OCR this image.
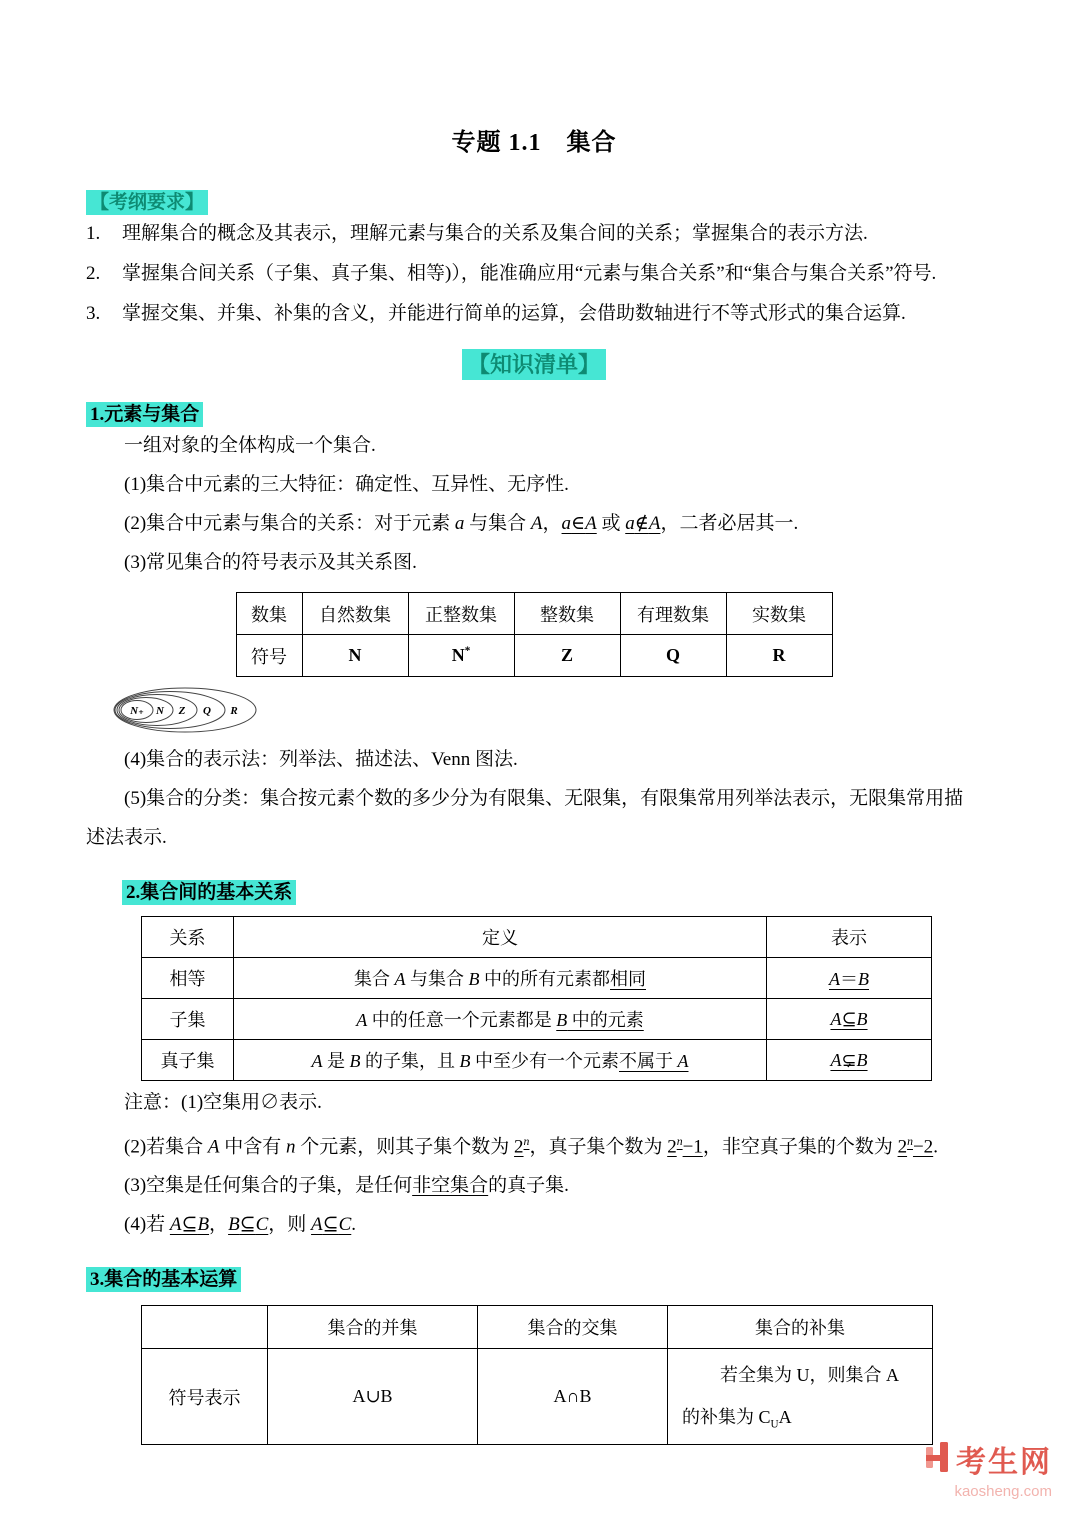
专题 1.1　集合
【考纲要求】
1.	理解集合的概念及其表示，理解元素与集合的关系及集合间的关系；掌握集合的表示方法.
2.	掌握集合间关系（子集、真子集、相等)），能准确应用“元素与集合关系”和“集合与集合关系”符号.
3.	掌握交集、并集、补集的含义，并能进行简单的运算，会借助数轴进行不等式形式的集合运算.
【知识清单】
1.元素与集合

一组对象的全体构成一个集合.

(1)集合中元素的三大特征：确定性、互异性、无序性.

(2)集合中元素与集合的关系：对于元素 a 与集合 A，a∈A 或 a∉A，二者必居其一.

(3)常见集合的符号表示及其关系图.

数集	自然数集	正整数集	整数集	有理数集	实数集
符号	N	N*	Z	Q	R
N₊ N Z Q R

(4)集合的表示法：列举法、描述法、Venn 图法.

(5)集合的分类：集合按元素个数的多少分为有限集、无限集，有限集常用列举法表示，无限集常用描述法表示.

2.集合间的基本关系
关系	定义	表示
相等	集合 A 与集合 B 中的所有元素都相同	A＝B
子集	A 中的任意一个元素都是 B 中的元素	A⊆B
真子集	A 是 B 的子集，且 B 中至少有一个元素不属于 A	A⊊B

注意：(1)空集用∅表示.

(2)若集合 A 中含有 n 个元素，则其子集个数为 2$^n$，真子集个数为 $2^n-1$，非空真子集的个数为 $2^n-2$.

(3)空集是任何集合的子集，是任何非空集合的真子集.

(4)若 A⊆B，B⊆C，则 A⊆C.

3.集合的基本运算
	集合的并集	集合的交集	集合的补集
符号表示	A∪B	A∩B	若全集为 U，则集合 A 的补集为 $C_UA$
考生网
kaosheng.com
